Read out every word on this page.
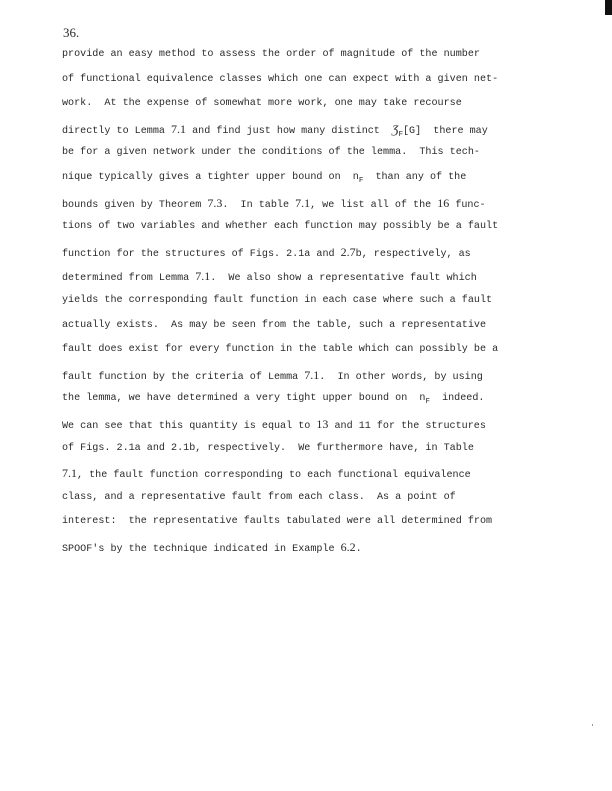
36.
provide an easy method to assess the order of magnitude of the number
of functional equivalence classes which one can expect with a given net-
work.  At the expense of somewhat more work, one may take recourse
directly to Lemma 7.1 and find just how many distinct  $Ʒ_F[G]$  there may
be for a given network under the conditions of the lemma.  This tech-
nique typically gives a tighter upper bound on  $n_F$  than any of the
bounds given by Theorem 7.3.  In table 7.1, we list all of the 16 func-
tions of two variables and whether each function may possibly be a fault
function for the structures of Figs. 2.1a and 2.7b, respectively, as
determined from Lemma 7.1.  We also show a representative fault which
yields the corresponding fault function in each case where such a fault
actually exists.  As may be seen from the table, such a representative
fault does exist for every function in the table which can possibly be a
fault function by the criteria of Lemma 7.1.  In other words, by using
the lemma, we have determined a very tight upper bound on  $n_F$  indeed.
We can see that this quantity is equal to 13 and 11 for the structures
of Figs. 2.1a and 2.1b, respectively.  We furthermore have, in Table
7.1, the fault function corresponding to each functional equivalence
class, and a representative fault from each class.  As a point of
interest:  the representative faults tabulated were all determined from
SPOOF's by the technique indicated in Example 6.2.
